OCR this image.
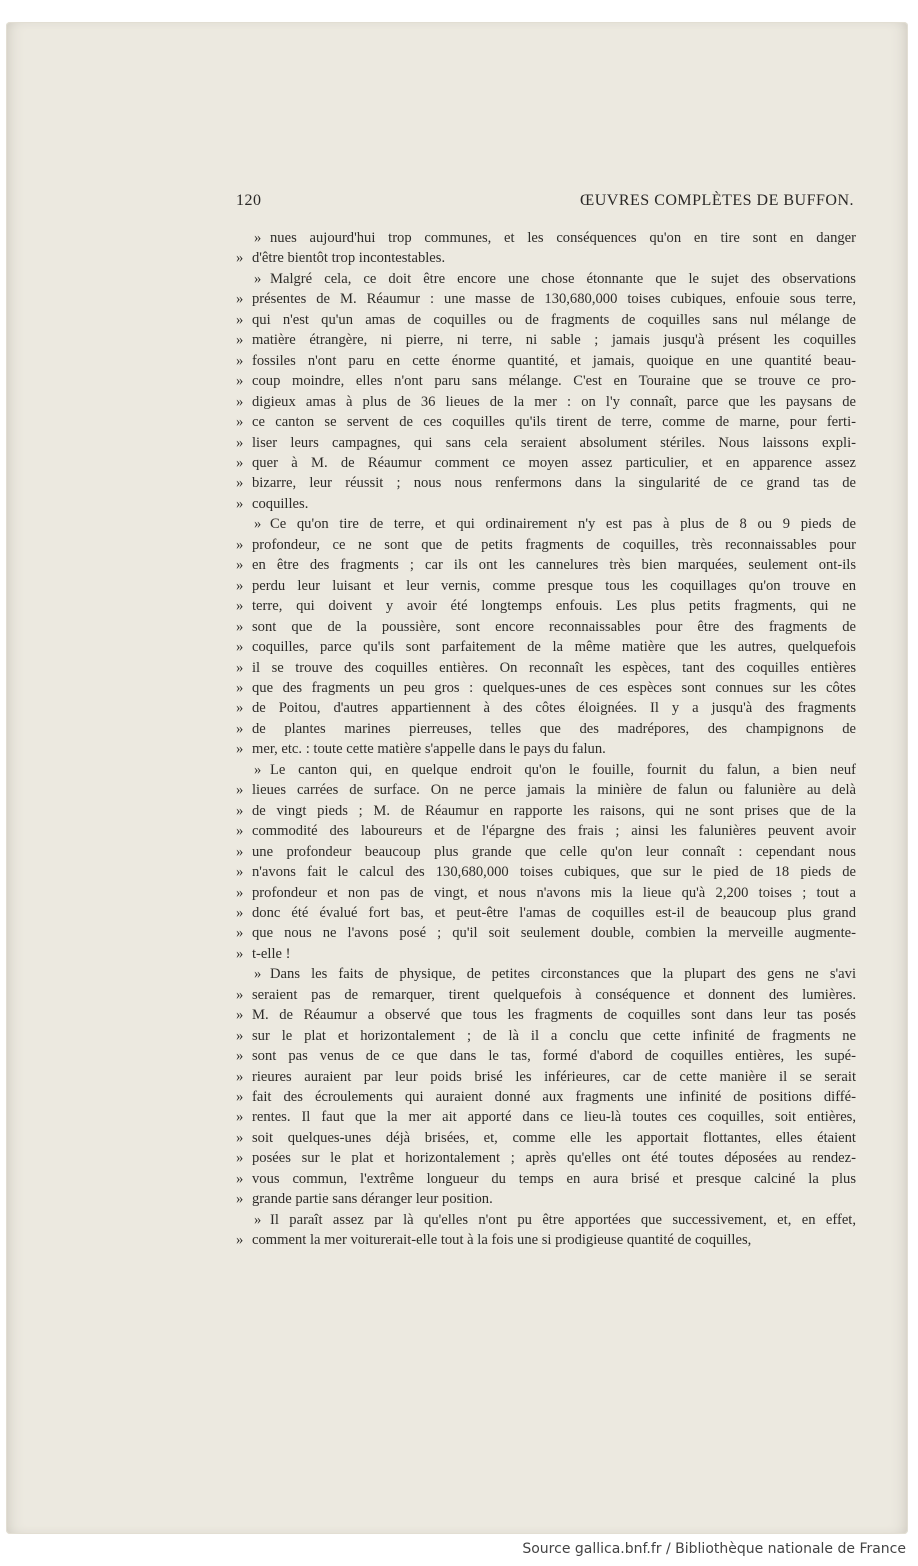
120	ŒUVRES COMPLÈTES DE BUFFON.
» nues aujourd'hui trop communes, et les conséquences qu'on en tire sont en danger
» d'être bientôt trop incontestables.
» Malgré cela, ce doit être encore une chose étonnante que le sujet des observations
» présentes de M. Réaumur : une masse de 130,680,000 toises cubiques, enfouie sous terre,
» qui n'est qu'un amas de coquilles ou de fragments de coquilles sans nul mélange de
» matière étrangère, ni pierre, ni terre, ni sable ; jamais jusqu'à présent les coquilles
» fossiles n'ont paru en cette énorme quantité, et jamais, quoique en une quantité beau-
» coup moindre, elles n'ont paru sans mélange. C'est en Touraine que se trouve ce pro-
» digieux amas à plus de 36 lieues de la mer : on l'y connaît, parce que les paysans de
» ce canton se servent de ces coquilles qu'ils tirent de terre, comme de marne, pour ferti-
» liser leurs campagnes, qui sans cela seraient absolument stériles. Nous laissons expli-
» quer à M. de Réaumur comment ce moyen assez particulier, et en apparence assez
» bizarre, leur réussit ; nous nous renfermons dans la singularité de ce grand tas de
» coquilles.
» Ce qu'on tire de terre, et qui ordinairement n'y est pas à plus de 8 ou 9 pieds de
» profondeur, ce ne sont que de petits fragments de coquilles, très reconnaissables pour
» en être des fragments ; car ils ont les cannelures très bien marquées, seulement ont-ils
» perdu leur luisant et leur vernis, comme presque tous les coquillages qu'on trouve en
» terre, qui doivent y avoir été longtemps enfouis. Les plus petits fragments, qui ne
» sont que de la poussière, sont encore reconnaissables pour être des fragments de
» coquilles, parce qu'ils sont parfaitement de la même matière que les autres, quelquefois
» il se trouve des coquilles entières. On reconnaît les espèces, tant des coquilles entières
» que des fragments un peu gros : quelques-unes de ces espèces sont connues sur les côtes
» de Poitou, d'autres appartiennent à des côtes éloignées. Il y a jusqu'à des fragments
» de plantes marines pierreuses, telles que des madrépores, des champignons de
» mer, etc. : toute cette matière s'appelle dans le pays du falun.
» Le canton qui, en quelque endroit qu'on le fouille, fournit du falun, a bien neuf
» lieues carrées de surface. On ne perce jamais la minière de falun ou falunière au delà
» de vingt pieds ; M. de Réaumur en rapporte les raisons, qui ne sont prises que de la
» commodité des laboureurs et de l'épargne des frais ; ainsi les falunières peuvent avoir
» une profondeur beaucoup plus grande que celle qu'on leur connaît : cependant nous
» n'avons fait le calcul des 130,680,000 toises cubiques, que sur le pied de 18 pieds de
» profondeur et non pas de vingt, et nous n'avons mis la lieue qu'à 2,200 toises ; tout a
» donc été évalué fort bas, et peut-être l'amas de coquilles est-il de beaucoup plus grand
» que nous ne l'avons posé ; qu'il soit seulement double, combien la merveille augmente-
» t-elle !
» Dans les faits de physique, de petites circonstances que la plupart des gens ne s'avi
» seraient pas de remarquer, tirent quelquefois à conséquence et donnent des lumières.
» M. de Réaumur a observé que tous les fragments de coquilles sont dans leur tas posés
» sur le plat et horizontalement ; de là il a conclu que cette infinité de fragments ne
» sont pas venus de ce que dans le tas, formé d'abord de coquilles entières, les supé-
» rieures auraient par leur poids brisé les inférieures, car de cette manière il se serait
» fait des écroulements qui auraient donné aux fragments une infinité de positions diffé-
» rentes. Il faut que la mer ait apporté dans ce lieu-là toutes ces coquilles, soit entières,
» soit quelques-unes déjà brisées, et, comme elle les apportait flottantes, elles étaient
» posées sur le plat et horizontalement ; après qu'elles ont été toutes déposées au rendez-
» vous commun, l'extrême longueur du temps en aura brisé et presque calciné la plus
» grande partie sans déranger leur position.
» Il paraît assez par là qu'elles n'ont pu être apportées que successivement, et, en effet,
» comment la mer voiturerait-elle tout à la fois une si prodigieuse quantité de coquilles,
Source gallica.bnf.fr / Bibliothèque nationale de France
